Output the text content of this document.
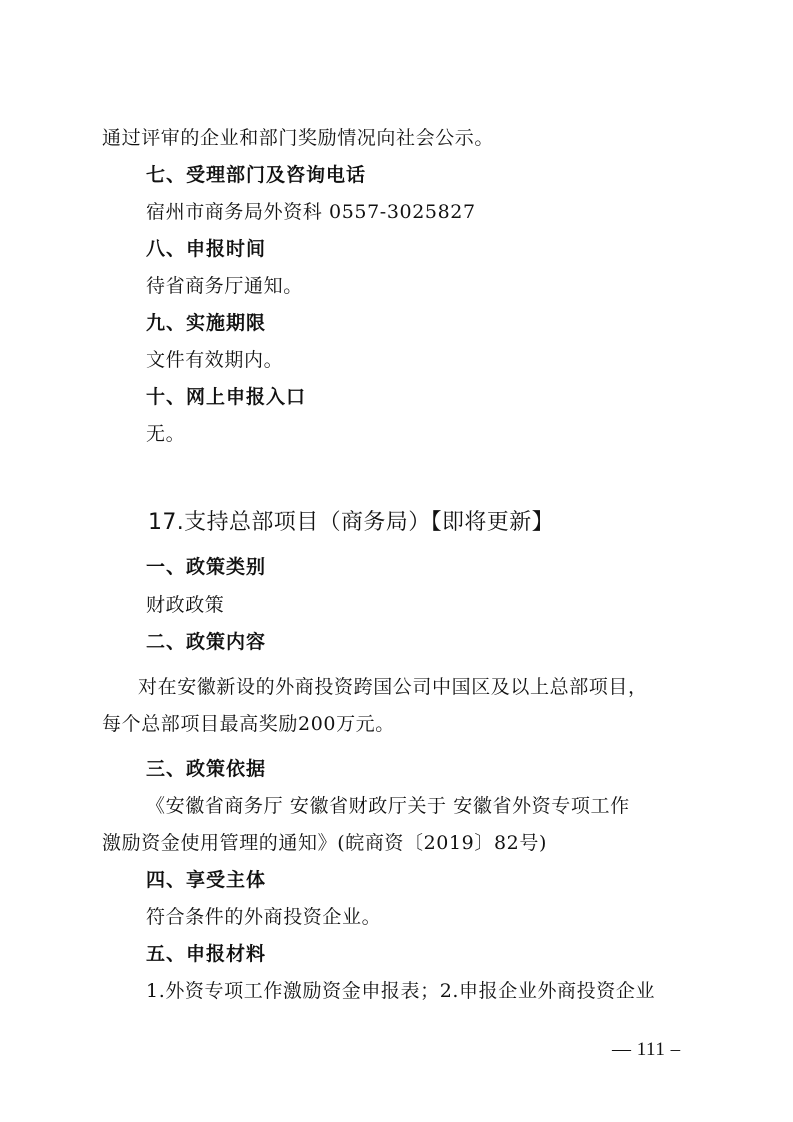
通过评审的企业和部门奖励情况向社会公示。
七、受理部门及咨询电话
宿州市商务局外资科 0557-3025827
八、申报时间
待省商务厅通知。
九、实施期限
文件有效期内。
十、网上申报入口
无。
17.支持总部项目（商务局）【即将更新】
一、政策类别
财政政策
二、政策内容
对在安徽新设的外商投资跨国公司中国区及以上总部项目，
每个总部项目最高奖励200万元。
三、政策依据
《安徽省商务厅 安徽省财政厅关于 安徽省外资专项工作
激励资金使用管理的通知》(皖商资〔2019〕82号)
四、享受主体
符合条件的外商投资企业。
五、申报材料
1.外资专项工作激励资金申报表；2.申报企业外商投资企业
— 111 –
